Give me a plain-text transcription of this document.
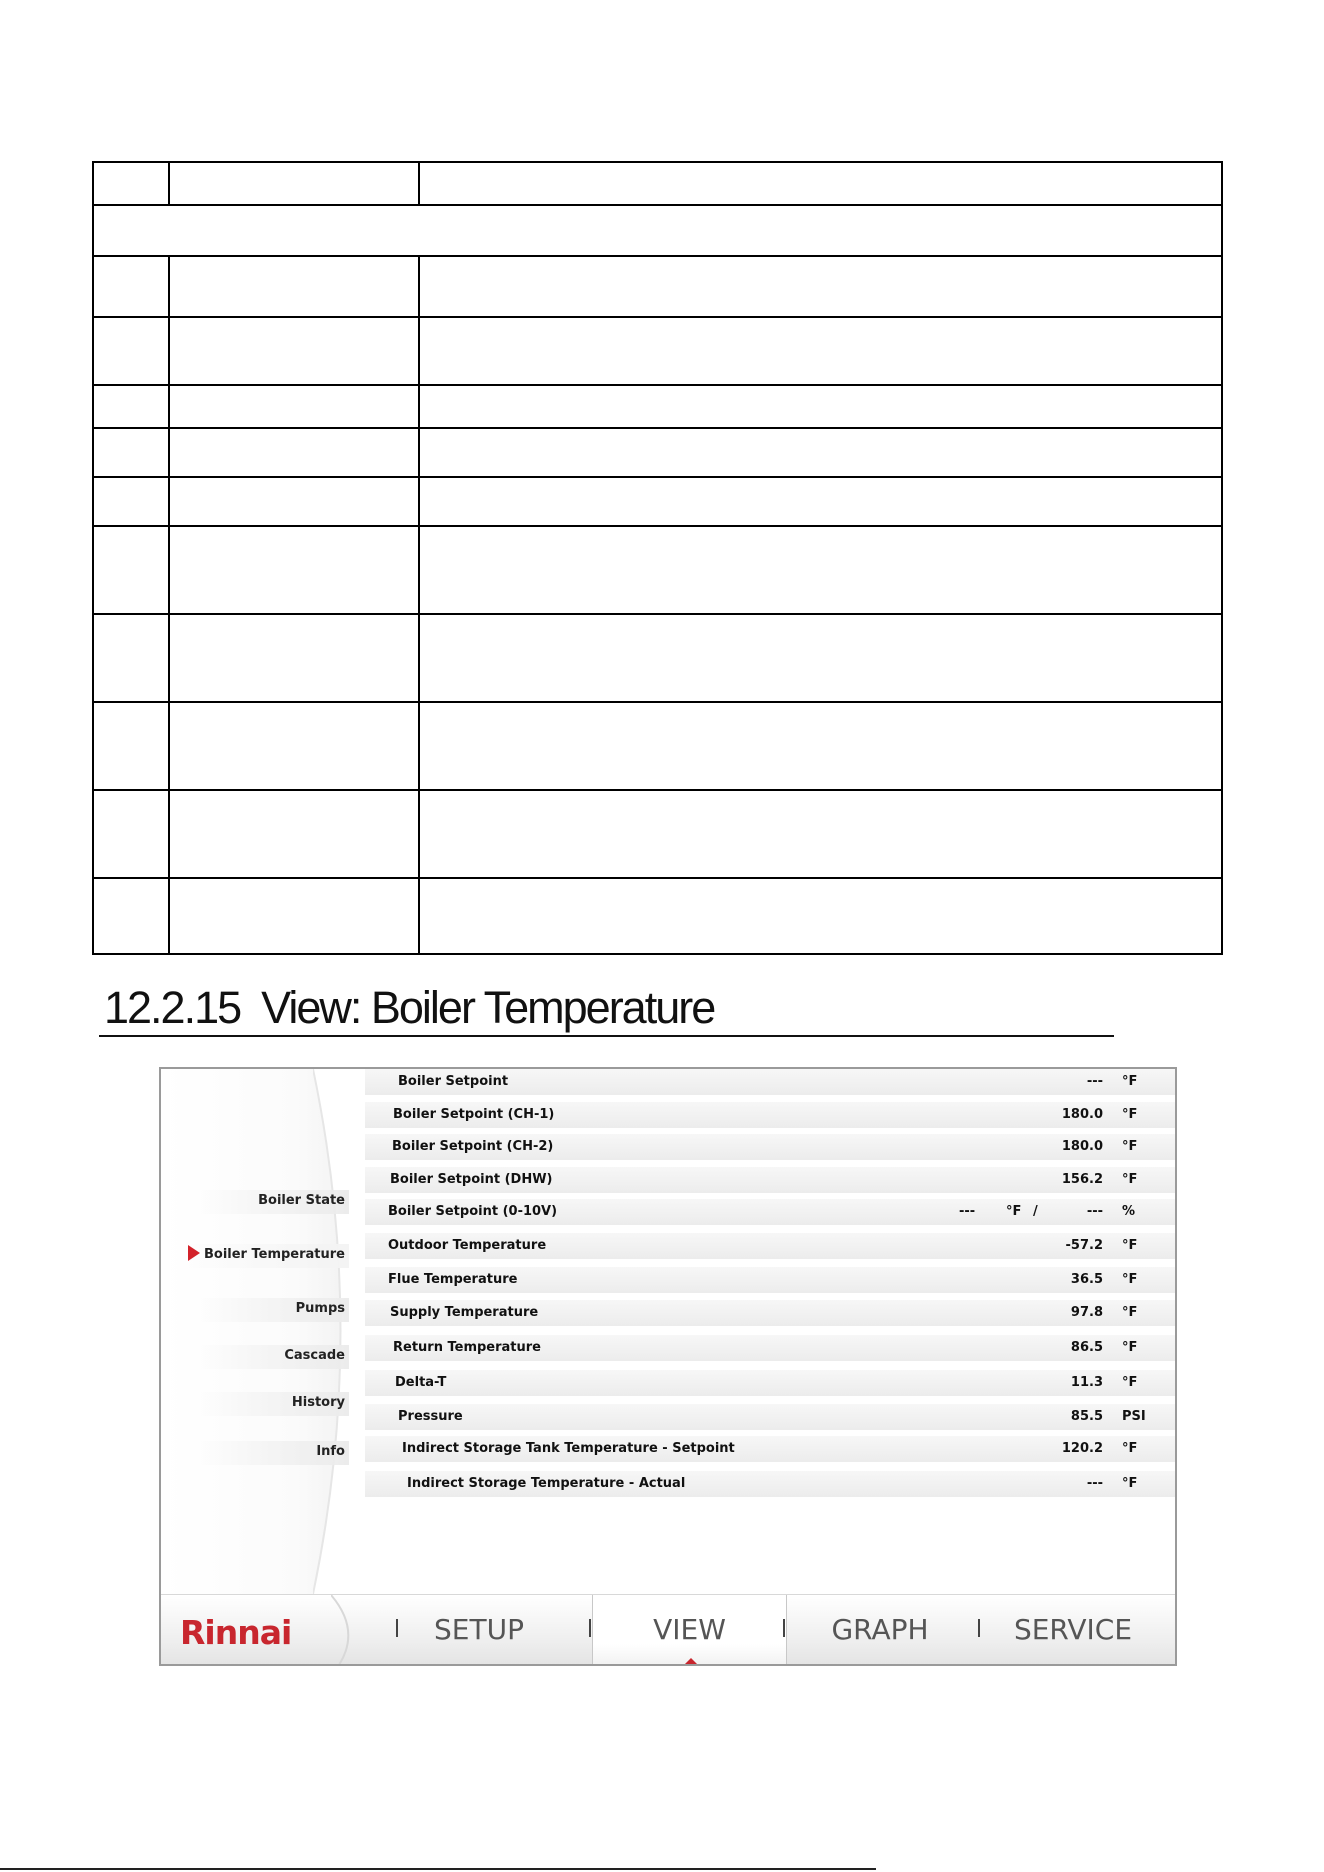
12.2.15 View: Boiler Temperature
Boiler State
Boiler Temperature
Pumps
Cascade
History
Info
Boiler Setpoint	--- °F
Boiler Setpoint (CH-1)	180.0 °F
Boiler Setpoint (CH-2)	180.0 °F
Boiler Setpoint (DHW)	156.2 °F
Boiler Setpoint (0-10V)	--- °F /	--- %
Outdoor Temperature	-57.2 °F
Flue Temperature	36.5 °F
Supply Temperature	97.8 °F
Return Temperature	86.5 °F
Delta-T	11.3 °F
Pressure	85.5 PSI
Indirect Storage Tank Temperature - Setpoint	120.2 °F
Indirect Storage Temperature - Actual	--- °F
Rinnai	SETUP	VIEW	GRAPH	SERVICE
